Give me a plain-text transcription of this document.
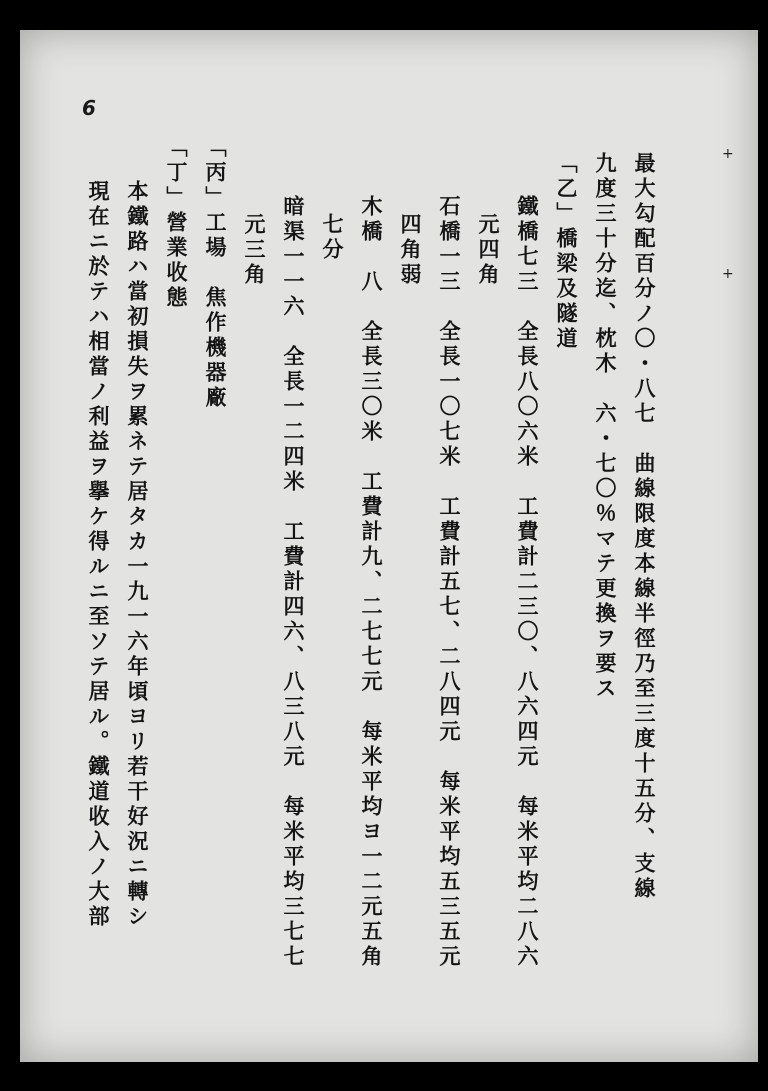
6
最大勾配百分ノ〇・八七　曲線限度本線半徑乃至三度十五分、支線
九度三十分迄、枕木　六・七〇％マテ更換ヲ要ス
「乙」橋梁及隧道
鐵橋七三　全長八〇六米　工費計二三〇、八六四元　每米平均二八六
元四角
石橋一三　全長一〇七米　工費計五七、二八四元　每米平均五三五元
四角弱
木橋　八　全長三〇米　工費計九、二七七元　每米平均ヨ一二元五角
七分
暗渠一一六　全長一二四米　工費計四六、八三八元　每米平均三七七
元三角
「丙」工場　焦作機器廠
「丁」營業收態
本鐵路ハ當初損失ヲ累ネテ居タカ一九一六年頃ヨリ若干好況ニ轉シ
現在ニ於テハ相當ノ利益ヲ擧ケ得ルニ至ソテ居ル。鐵道收入ノ大部
+
+
